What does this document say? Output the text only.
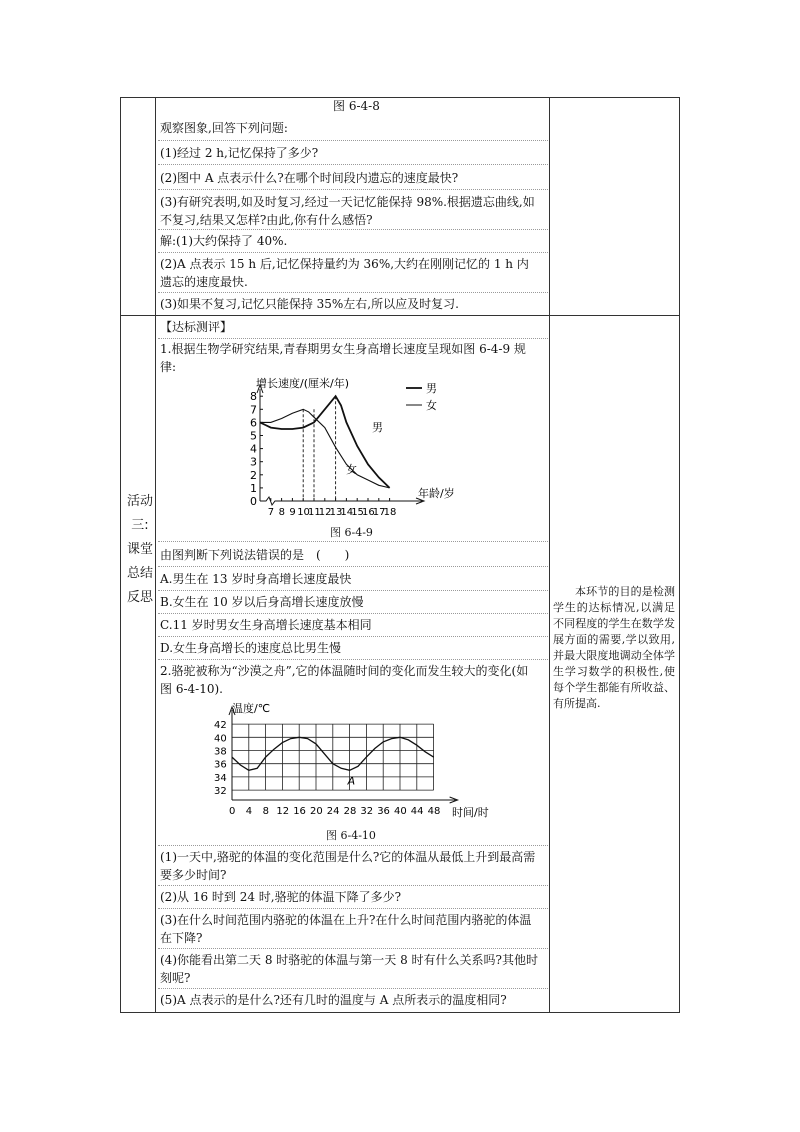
图 6-4-8
观察图象,回答下列问题:
(1)经过 2 h,记忆保持了多少?
(2)图中 A 点表示什么?在哪个时间段内遗忘的速度最快?
(3)有研究表明,如及时复习,经过一天记忆能保持 98%.根据遗忘曲线,如不复习,结果又怎样?由此,你有什么感悟?
解:(1)大约保持了 40%.
(2)A 点表示 15 h 后,记忆保持量约为 36%,大约在刚刚记忆的 1 h 内遗忘的速度最快.
(3)如果不复习,记忆只能保持 35%左右,所以应及时复习.
活动
三:
课堂
总结
反思
【达标测评】
1.根据生物学研究结果,青春期男女生身高增长速度呈现如图 6-4-9 规律:
增长速度/(厘米/年)
年龄/岁
男
女
男
女
0
1
2
3
4
5
6
7
8
7 8 9 10
11
12
13
14
15
16
17
18
图 6-4-9
由图判断下列说法错误的是　(　　)
A.男生在 13 岁时身高增长速度最快
B.女生在 10 岁以后身高增长速度放慢
C.11 岁时男女生身高增长速度基本相同
D.女生身高增长的速度总比男生慢
2.骆驼被称为“沙漠之舟”,它的体温随时间的变化而发生较大的变化(如图 6-4-10).
温度/℃
时间/时
32
34
36
38
40
42
0 4 8 12 16 20 24 28 32 36 40 44 48
A
图 6-4-10
(1)一天中,骆驼的体温的变化范围是什么?它的体温从最低上升到最高需要多少时间?
(2)从 16 时到 24 时,骆驼的体温下降了多少?
(3)在什么时间范围内骆驼的体温在上升?在什么时间范围内骆驼的体温在下降?
(4)你能看出第二天 8 时骆驼的体温与第一天 8 时有什么关系吗?其他时刻呢?
(5)A 点表示的是什么?还有几时的温度与 A 点所表示的温度相同?
本环节的目的是检测学生的达标情况,以满足不同程度的学生在数学发展方面的需要,学以致用,并最大限度地调动全体学生学习数学的积极性,使每个学生都能有所收益、有所提高.
